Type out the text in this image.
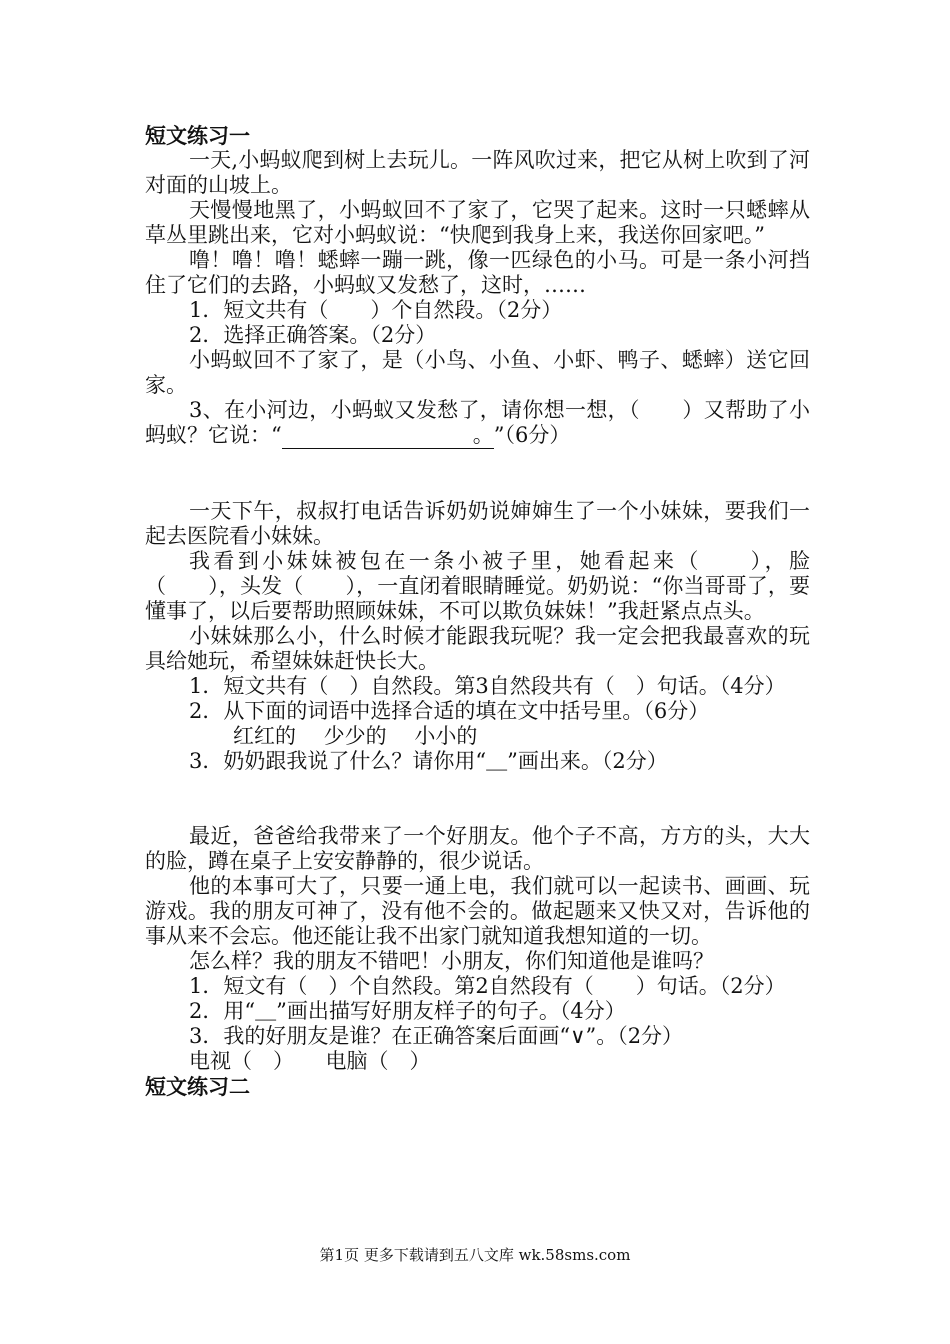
短文练习一

一天,小蚂蚁爬到树上去玩儿。一阵风吹过来，把它从树上吹到了河对面的山坡上。

天慢慢地黑了，小蚂蚁回不了家了，它哭了起来。这时一只蟋蟀从草丛里跳出来，它对小蚂蚁说：“快爬到我身上来，我送你回家吧。”

噜！噜！噜！蟋蟀一蹦一跳，像一匹绿色的小马。可是一条小河挡住了它们的去路，小蚂蚁又发愁了，这时，……

1．短文共有（　　）个自然段。（2分）

2．选择正确答案。（2分）

小蚂蚁回不了家了，是（小鸟、小鱼、小虾、鸭子、蟋蟀）送它回家。

3、在小河边，小蚂蚁又发愁了，请你想一想，（　　）又帮助了小蚂蚁？它说：“　　　　　　　。”（6分）

一天下午，叔叔打电话告诉奶奶说婶婶生了一个小妹妹，要我们一起去医院看小妹妹。

我看到小妹妹被包在一条小被子里，她看起来（　　），脸（　　），头发（　　），一直闭着眼睛睡觉。奶奶说：“你当哥哥了，要懂事了，以后要帮助照顾妹妹，不可以欺负妹妹！”我赶紧点点头。

小妹妹那么小，什么时候才能跟我玩呢？我一定会把我最喜欢的玩具给她玩，希望妹妹赶快长大。

1．短文共有（　）自然段。第3自然段共有（　）句话。（4分）

2．从下面的词语中选择合适的填在文中括号里。（6分）

红红的　 少少的　 小小的

3．奶奶跟我说了什么？请你用“＿”画出来。（2分）

最近，爸爸给我带来了一个好朋友。他个子不高，方方的头，大大的脸，蹲在桌子上安安静静的，很少说话。

他的本事可大了，只要一通上电，我们就可以一起读书、画画、玩游戏。我的朋友可神了，没有他不会的。做起题来又快又对，告诉他的事从来不会忘。他还能让我不出家门就知道我想知道的一切。

怎么样？我的朋友不错吧！小朋友，你们知道他是谁吗？

1．短文有（　）个自然段。第2自然段有（　　）句话。（2分）

2．用“＿”画出描写好朋友样子的句子。（4分）

3．我的好朋友是谁？在正确答案后面画“∨”。（2分）

电视（　）　　电脑（　）

短文练习二

第1页 更多下载请到五八文库 wk.58sms.com
